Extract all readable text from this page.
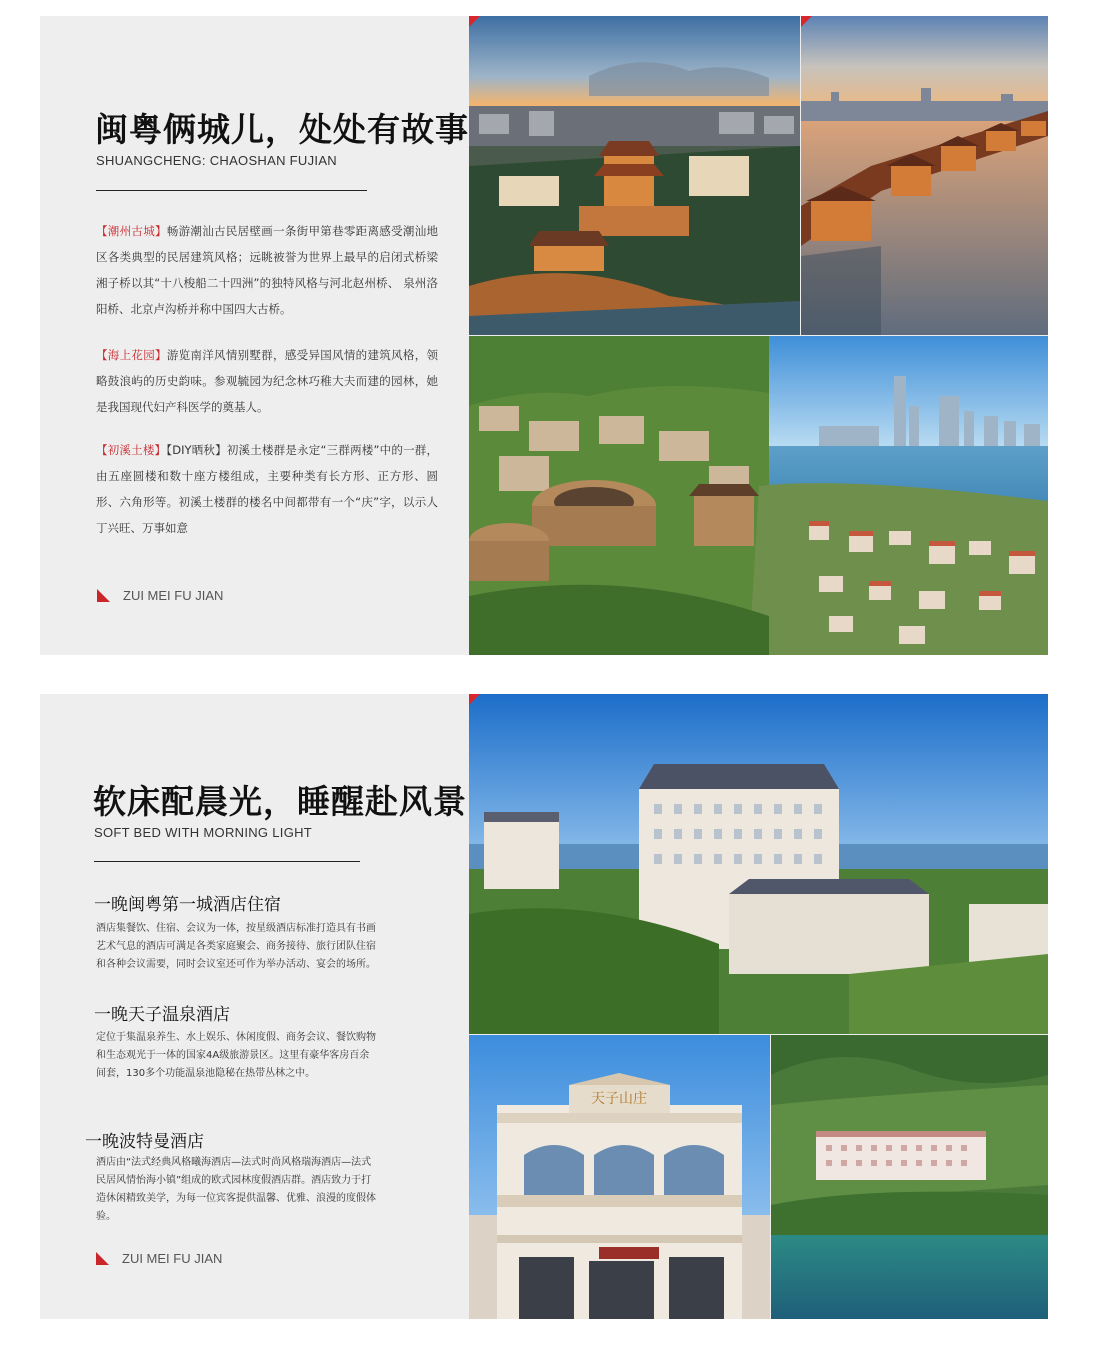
闽粤俩城儿，处处有故事
SHUANGCHENG: CHAOSHAN FUJIAN

【潮州古城】畅游潮汕古民居壁画一条街甲第巷零距离感受潮汕地区各类典型的民居建筑风格；远眺被誉为世界上最早的启闭式桥梁湘子桥以其“十八梭船二十四洲”的独特风格与河北赵州桥、 泉州洛阳桥、北京卢沟桥并称中国四大古桥。

【海上花园】游览南洋风情别墅群，感受异国风情的建筑风格，领略鼓浪屿的历史韵味。参观毓园为纪念林巧稚大夫而建的园林，她是我国现代妇产科医学的奠基人。

【初溪土楼】【DIY晒秋】初溪土楼群是永定“三群两楼”中的一群，由五座圆楼和数十座方楼组成，主要种类有长方形、正方形、圆形、六角形等。初溪土楼群的楼名中间都带有一个“庆”字，以示人丁兴旺、万事如意

ZUI MEI FU JIAN
软床配晨光，睡醒赴风景
SOFT BED WITH MORNING LIGHT
一晚闽粤第一城酒店住宿

酒店集餐饮、住宿、会议为一体，按星级酒店标准打造具有书画艺术气息的酒店可满足各类家庭聚会、商务接待、旅行团队住宿和各种会议需要，同时会议室还可作为举办活动、宴会的场所。

一晚天子温泉酒店

定位于集温泉养生、水上娱乐、休闲度假、商务会议、餐饮购物和生态观光于一体的国家4A级旅游景区。这里有豪华客房百余间套，130多个功能温泉池隐秘在热带丛林之中。

一晚波特曼酒店

酒店由“法式经典风格曦海酒店—法式时尚风格瑞海酒店—法式民居风情怡海小镇”组成的欧式园林度假酒店群。酒店致力于打造休闲精致美学，为每一位宾客提供温馨、优雅、浪漫的度假体验。

ZUI MEI FU JIAN
天子山庄
